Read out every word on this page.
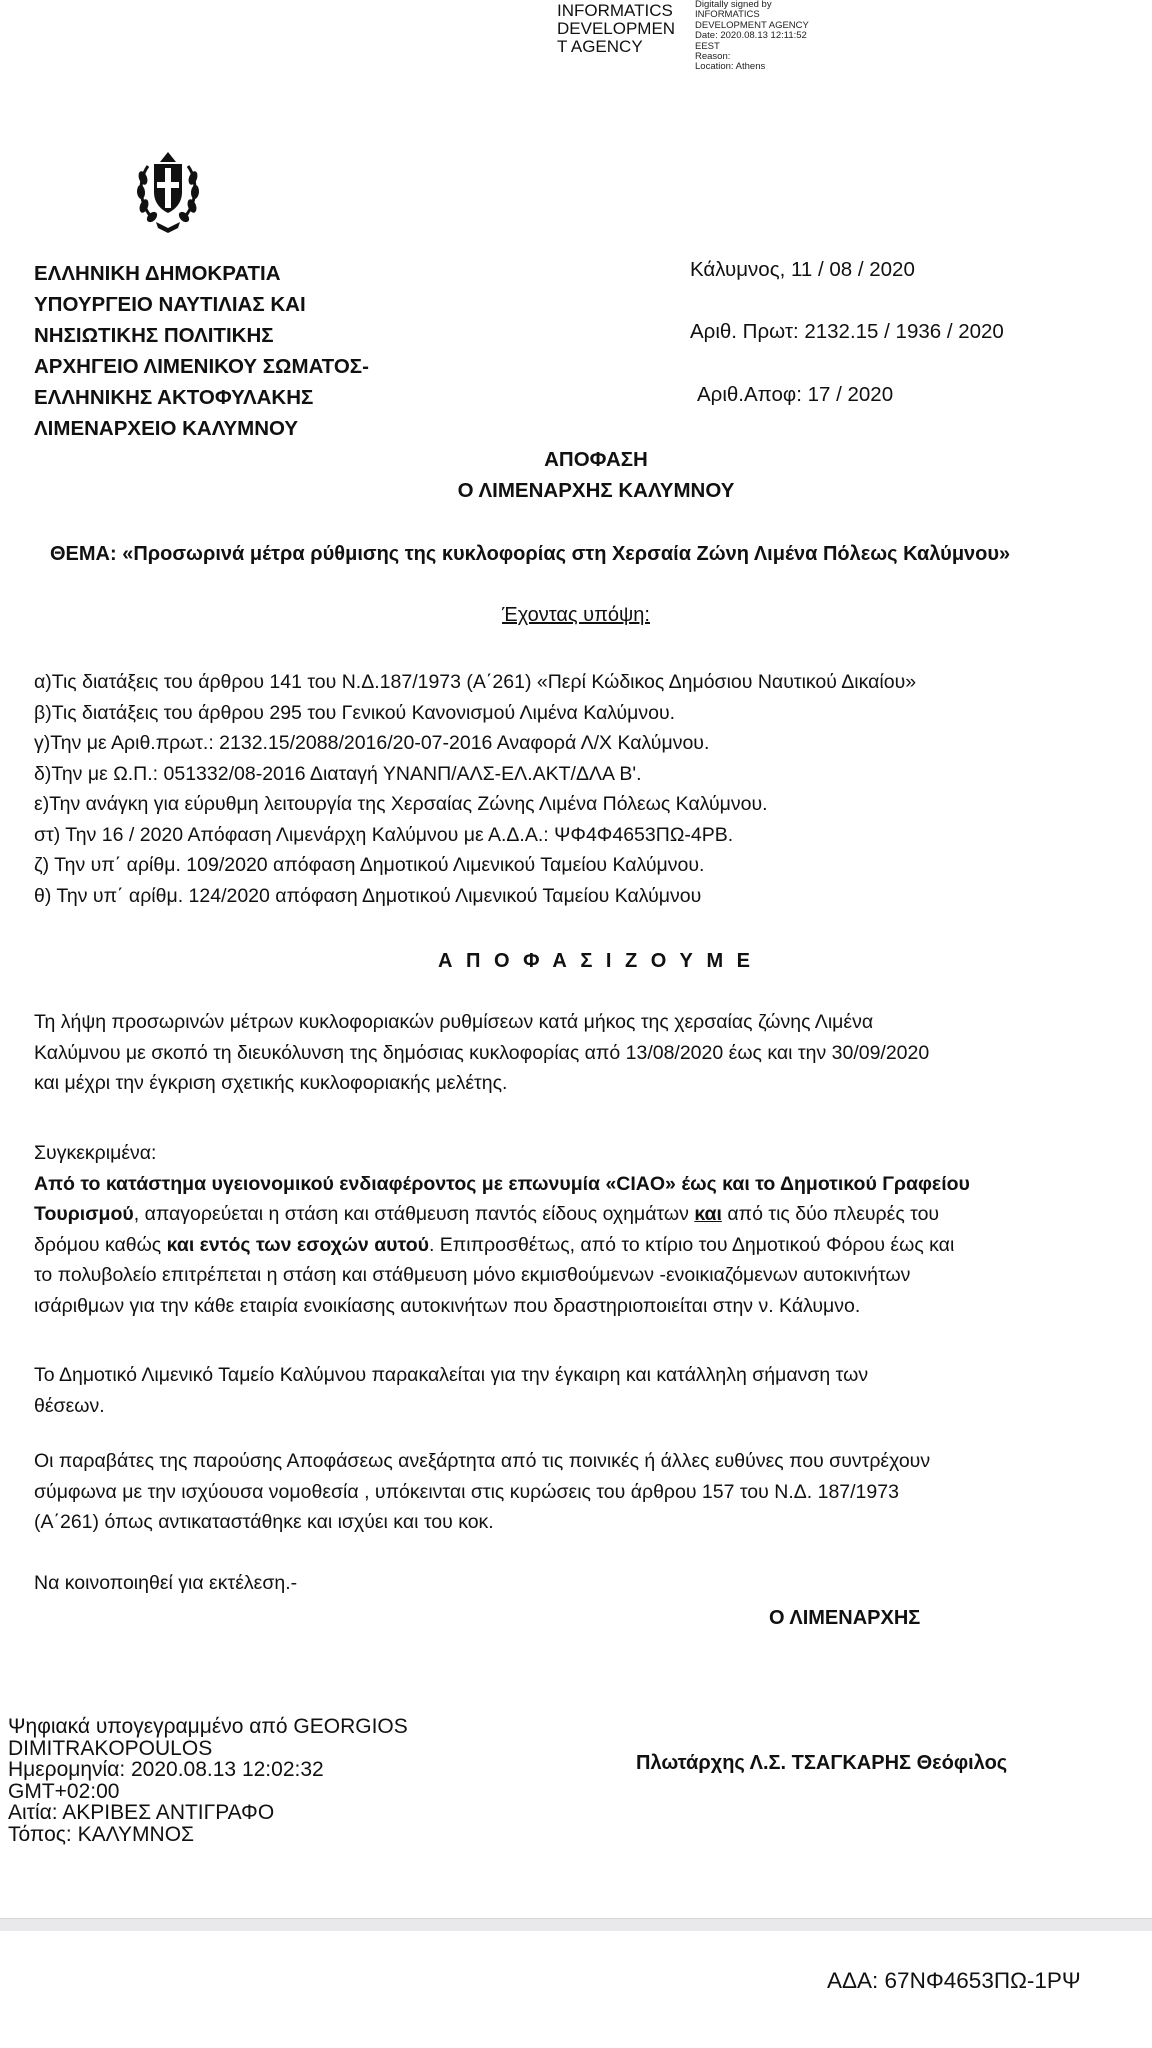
INFORMATICS
DEVELOPMEN
T AGENCY
Digitally signed by
INFORMATICS
DEVELOPMENT AGENCY
Date: 2020.08.13 12:11:52
EEST
Reason:
Location: Athens
ΕΛΛΗΝΙΚΗ ΔΗΜΟΚΡΑΤΙΑ
ΥΠΟΥΡΓΕΙΟ ΝΑΥΤΙΛΙΑΣ ΚΑΙ
ΝΗΣΙΩΤΙΚΗΣ ΠΟΛΙΤΙΚΗΣ
ΑΡΧΗΓΕΙΟ ΛΙΜΕΝΙΚΟΥ ΣΩΜΑΤΟΣ-
ΕΛΛΗΝΙΚΗΣ ΑΚΤΟΦΥΛΑΚΗΣ
ΛΙΜΕΝΑΡΧΕΙΟ ΚΑΛΥΜΝΟΥ
Κάλυμνος, 11 / 08 / 2020
Αριθ. Πρωτ: 2132.15 / 1936 / 2020
Αριθ.Αποφ: 17 / 2020
ΑΠΟΦΑΣΗ
Ο ΛΙΜΕΝΑΡΧΗΣ ΚΑΛΥΜΝΟΥ
ΘΕΜΑ: «Προσωρινά μέτρα ρύθμισης της κυκλοφορίας στη Χερσαία Ζώνη Λιμένα Πόλεως Καλύμνου»
Έχοντας υπόψη:
α)Τις διατάξεις του άρθρου 141 του Ν.Δ.187/1973 (Α΄261) «Περί Κώδικος Δημόσιου Ναυτικού Δικαίου»
β)Τις διατάξεις του άρθρου 295 του Γενικού Κανονισμού Λιμένα Καλύμνου.
γ)Την με Αριθ.πρωτ.: 2132.15/2088/2016/20-07-2016 Αναφορά Λ/Χ Καλύμνου.
δ)Την με Ω.Π.: 051332/08-2016 Διαταγή ΥΝΑΝΠ/ΑΛΣ-ΕΛ.ΑΚΤ/ΔΛΑ Β'.
ε)Την ανάγκη για εύρυθμη λειτουργία της Χερσαίας Ζώνης Λιμένα Πόλεως Καλύμνου.
στ) Την 16 / 2020 Απόφαση Λιμενάρχη Καλύμνου με Α.Δ.Α.: ΨΦ4Φ4653ΠΩ-4ΡΒ.
ζ) Την υπ΄ αρίθμ. 109/2020 απόφαση Δημοτικού Λιμενικού Ταμείου Καλύμνου.
θ) Την υπ΄ αρίθμ. 124/2020 απόφαση Δημοτικού Λιμενικού Ταμείου Καλύμνου
Α Π Ο Φ Α Σ Ι Ζ Ο Υ Μ Ε
Τη λήψη προσωρινών μέτρων κυκλοφοριακών ρυθμίσεων κατά μήκος της χερσαίας ζώνης Λιμένα
Καλύμνου με σκοπό τη διευκόλυνση της δημόσιας κυκλοφορίας από 13/08/2020 έως και την 30/09/2020
και μέχρι την έγκριση σχετικής κυκλοφοριακής μελέτης.
Συγκεκριμένα:
Από το κατάστημα υγειονομικού ενδιαφέροντος με επωνυμία «CIAO» έως και το Δημοτικού Γραφείου
Τουρισμού, απαγορεύεται η στάση και στάθμευση παντός είδους οχημάτων και από τις δύο πλευρές του
δρόμου καθώς και εντός των εσοχών αυτού. Επιπροσθέτως, από το κτίριο του Δημοτικού Φόρου έως και
το πολυβολείο επιτρέπεται η στάση και στάθμευση μόνο εκμισθούμενων -ενοικιαζόμενων αυτοκινήτων
ισάριθμων για την κάθε εταιρία ενοικίασης αυτοκινήτων που δραστηριοποιείται στην ν. Κάλυμνο.
Το Δημοτικό Λιμενικό Ταμείο Καλύμνου παρακαλείται για την έγκαιρη και κατάλληλη σήμανση των
θέσεων.
Οι παραβάτες της παρούσης Αποφάσεως ανεξάρτητα από τις ποινικές ή άλλες ευθύνες που συντρέχουν
σύμφωνα με την ισχύουσα νομοθεσία , υπόκεινται στις κυρώσεις του άρθρου 157 του Ν.Δ. 187/1973
(Α΄261) όπως αντικαταστάθηκε και ισχύει και του κοκ.
Να κοινοποιηθεί για εκτέλεση.-
Ο ΛΙΜΕΝΑΡΧΗΣ
Ψηφιακά υπογεγραμμένο από GEORGIOS
DIMITRAKOPOULOS
Ημερομηνία: 2020.08.13 12:02:32
GMT+02:00
Αιτία: ΑΚΡΙΒΕΣ ΑΝΤΙΓΡΑΦΟ
Τόπος: ΚΑΛΥΜΝΟΣ
Πλωτάρχης Λ.Σ. ΤΣΑΓΚΑΡΗΣ Θεόφιλος
ΑΔΑ: 67ΝΦ4653ΠΩ-1ΡΨ
